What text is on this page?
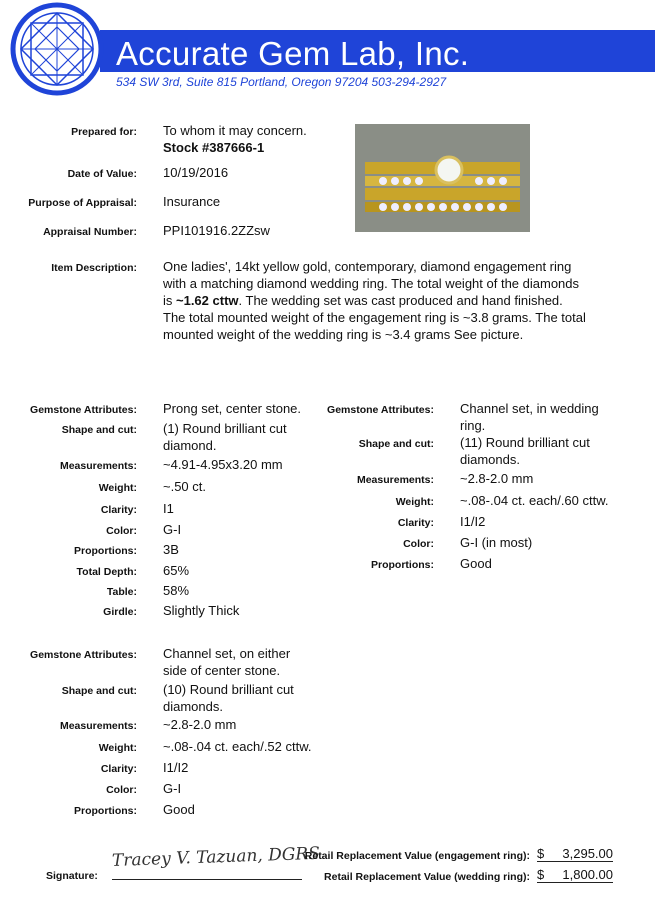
Accurate Gem Lab, Inc.
534 SW 3rd, Suite 815 Portland, Oregon 97204 503-294-2927
Prepared for: To whom it may concern.
Stock #387666-1
Date of Value: 10/19/2016
Purpose of Appraisal: Insurance
Appraisal Number: PPI101916.2ZZsw
Item Description: One ladies', 14kt yellow gold, contemporary, diamond engagement ring
with a matching diamond wedding ring. The total weight of the diamonds
is ~1.62 cttw. The wedding set was cast produced and hand finished.
The total mounted weight of the engagement ring is ~3.8 grams. The total
mounted weight of the wedding ring is ~3.4 grams See picture.
Gemstone Attributes: Prong set, center stone.
Shape and cut: (1) Round brilliant cut
diamond.
Measurements: ~4.91-4.95x3.20 mm
Weight: ~.50 ct.
Clarity: I1
Color: G-I
Proportions: 3B
Total Depth: 65%
Table: 58%
Girdle: Slightly Thick
Gemstone Attributes: Channel set, in wedding
ring.
Shape and cut: (11) Round brilliant cut
diamonds.
Measurements: ~2.8-2.0 mm
Weight: ~.08-.04 ct. each/.60 cttw.
Clarity: I1/I2
Color: G-I (in most)
Proportions: Good
Gemstone Attributes: Channel set, on either
side of center stone.
Shape and cut: (10) Round brilliant cut
diamonds.
Measurements: ~2.8-2.0 mm
Weight: ~.08-.04 ct. each/.52 cttw.
Clarity: I1/I2
Color: G-I
Proportions: Good
Signature:
Tracey V. Tazuan, DGRS
Retail Replacement Value (engagement ring): $ 3,295.00
Retail Replacement Value (wedding ring): $ 1,800.00
